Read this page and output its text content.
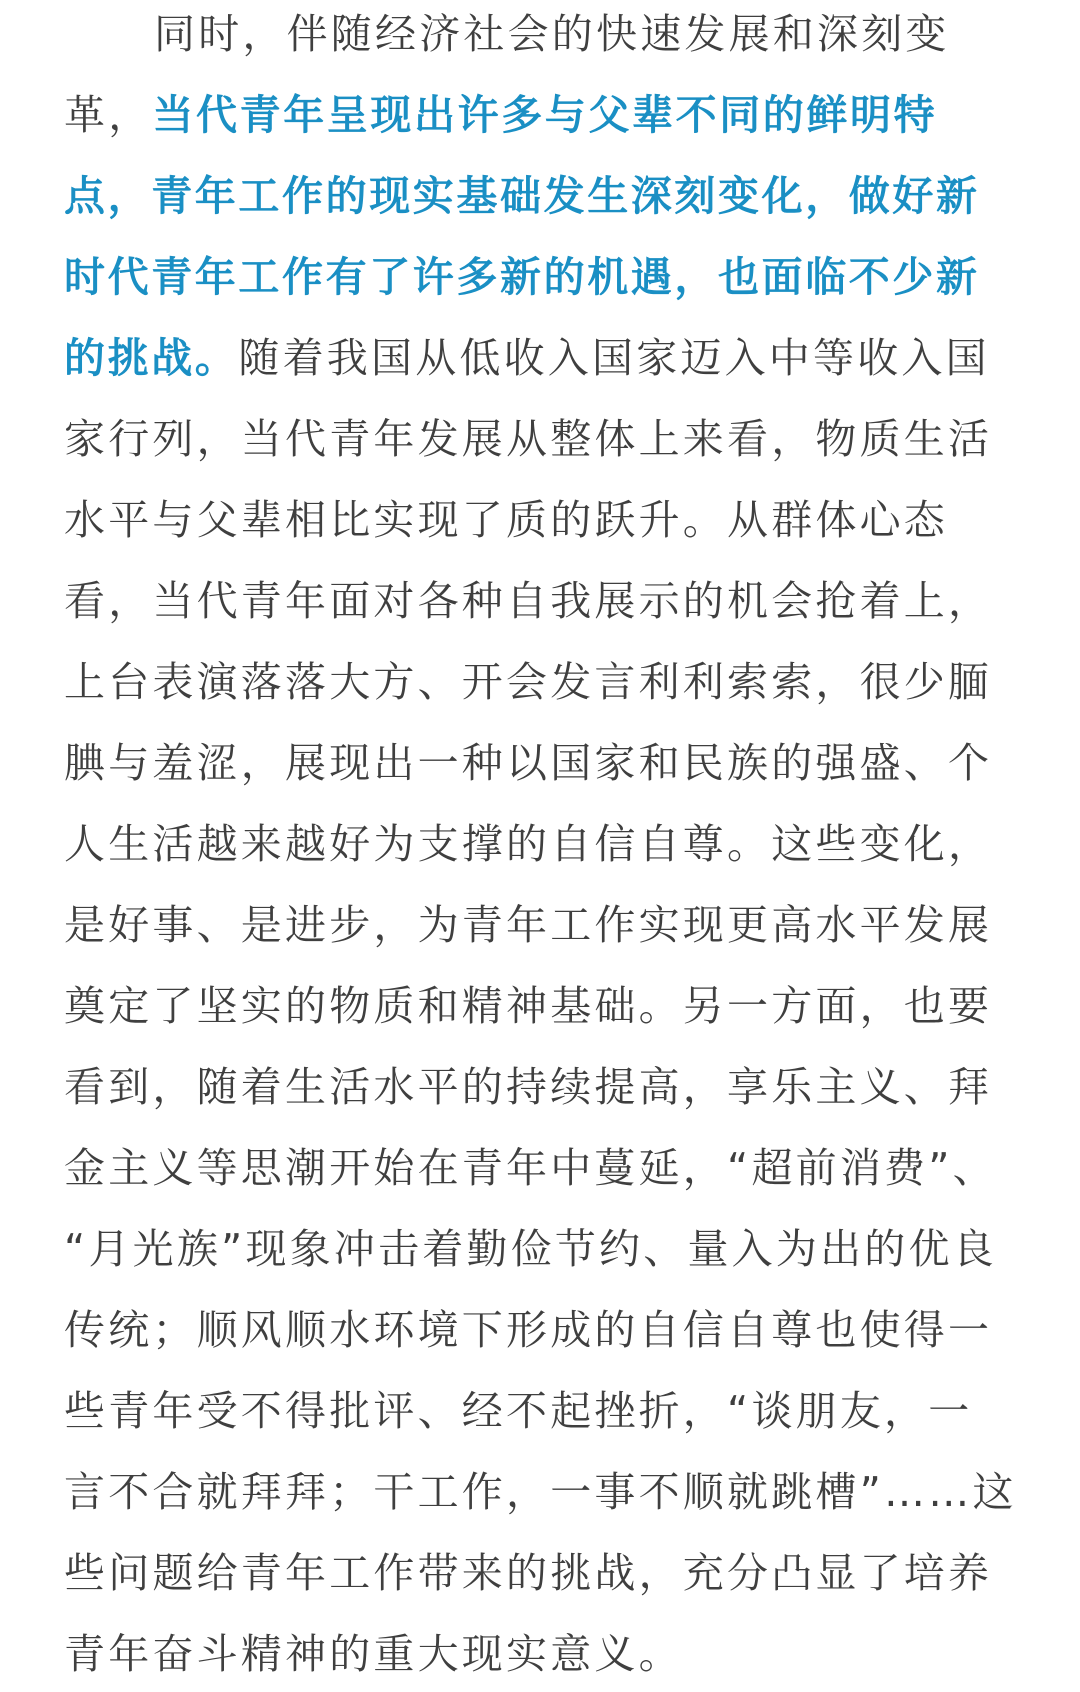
同时，伴随经济社会的快速发展和深刻变
革，当代青年呈现出许多与父辈不同的鲜明特
点，青年工作的现实基础发生深刻变化，做好新
时代青年工作有了许多新的机遇，也面临不少新
的挑战。随着我国从低收入国家迈入中等收入国
家行列，当代青年发展从整体上来看，物质生活
水平与父辈相比实现了质的跃升。从群体心态
看，当代青年面对各种自我展示的机会抢着上，
上台表演落落大方、开会发言利利索索，很少腼
腆与羞涩，展现出一种以国家和民族的强盛、个
人生活越来越好为支撑的自信自尊。这些变化，
是好事、是进步，为青年工作实现更高水平发展
奠定了坚实的物质和精神基础。另一方面，也要
看到，随着生活水平的持续提高，享乐主义、拜
金主义等思潮开始在青年中蔓延，“超前消费”、
“月光族”现象冲击着勤俭节约、量入为出的优良
传统；顺风顺水环境下形成的自信自尊也使得一
些青年受不得批评、经不起挫折，“谈朋友，一
言不合就拜拜；干工作，一事不顺就跳槽”……这
些问题给青年工作带来的挑战，充分凸显了培养
青年奋斗精神的重大现实意义。
